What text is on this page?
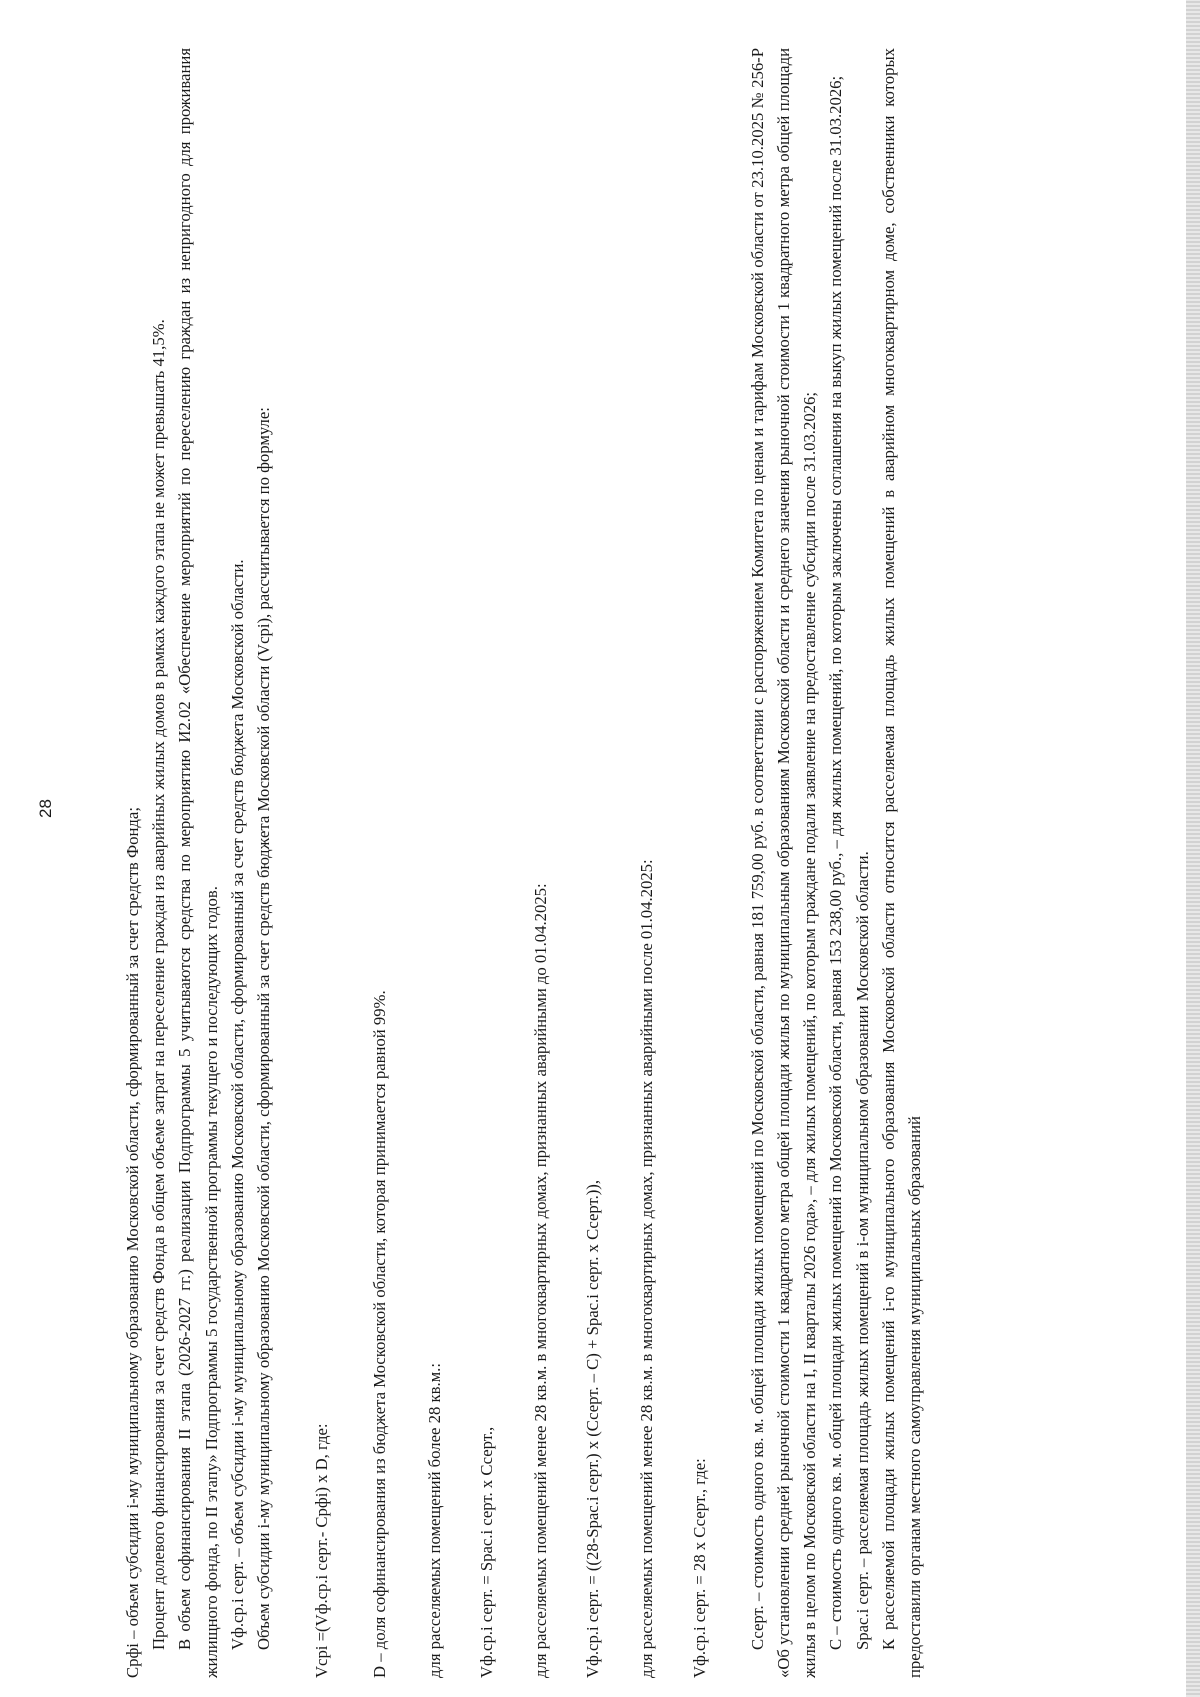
28	Срфi – объем субсидии i-му муниципальному образованию Московской области, сформированный за счет средств Фонда; Процент долевого финансирования за счет средств Фонда в общем объеме затрат на переселение граждан из аварийных жилых домов в рамках каждого этапа не может превышать 41,5%. В объем софинансирования II этапа (2026-2027 гг.) реализации Подпрограммы 5 учитываются средства по мероприятию И2.02 «Обеспечение мероприятий по переселению граждан из непригодного для проживания жилищного фонда, по II этапу» Подпрограммы 5 государственной программы текущего и последующих годов. Vф.ср.i серт. – объем субсидии i-му муниципальному образованию Московской области, сформированный за счет средств бюджета Московской области. Объем субсидии i-му муниципальному образованию Московской области, сформированный за счет средств бюджета Московской области (Vсрi), рассчитывается по формуле: Vсрi =(Vф.ср.i серт.- Срфi) х D, где: D – доля софинансирования из бюджета Московской области, которая принимается равной 99%. для расселяемых помещений более 28 кв.м.: Vф.ср.i серт. = Spac.i серт. х Ссерт., для расселяемых помещений менее 28 кв.м. в многоквартирных домах, признанных аварийными до 01.04.2025: Vф.ср.i серт. = ((28-Spac.i серт.) х (Ссерт. – С) + Spac.i серт. х Ссерт.)), для расселяемых помещений менее 28 кв.м. в многоквартирных домах, признанных аварийными после 01.04.2025: Vф.ср.i серт. = 28 х Ссерт., где: Ссерт. – стоимость одного кв. м. общей площади жилых помещений по Московской области, равная 181 759,00 руб. в соответствии с распоряжением Комитета по ценам и тарифам Московской области от 23.10.2025 № 256-Р «Об установлении средней рыночной стоимости 1 квадратного метра общей площади жилья по муниципальным образованиям Московской области и среднего значения рыночной стоимости 1 квадратного метра общей площади жилья в целом по Московской области на I, II кварталы 2026 года», – для жилых помещений, по которым граждане подали заявление на предоставление субсидии после 31.03.2026; С – стоимость одного кв. м. общей площади жилых помещений по Московской области, равная 153 238,00 руб., – для жилых помещений, по которым заключены соглашения на выкуп жилых помещений после 31.03.2026; Spac.i серт. – расселяемая площадь жилых помещений в i-ом муниципальном образовании Московской области. К расселяемой площади жилых помещений i-го муниципального образования Московской области относится расселяемая площадь жилых помещений в аварийном многоквартирном доме, собственники которых предоставили органам местного самоуправления муниципальных образований
